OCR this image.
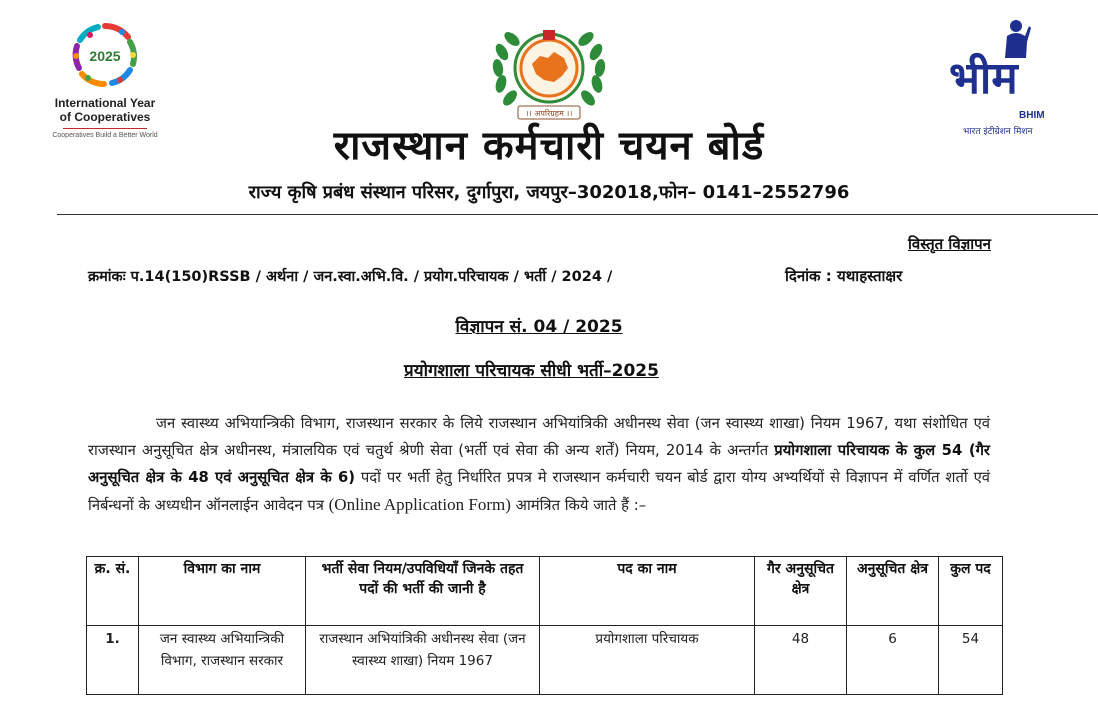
2025
International Year
of Cooperatives
Cooperatives Build a Better World
।। अपरिग्रहम ।।
भीम
BHIM
भारत इंटीग्रेशन मिशन
राजस्थान कर्मचारी चयन बोर्ड
राज्य कृषि प्रबंध संस्थान परिसर, दुर्गापुरा, जयपुर–302018,फोन– 0141–2552796
विस्तृत विज्ञापन
क्रमांकः प.14(150)RSSB / अर्थना / जन.स्वा.अभि.वि. / प्रयोग.परिचायक / भर्ती / 2024 /	दिनांक : यथाहस्ताक्षर
विज्ञापन सं. 04 / 2025
प्रयोगशाला परिचायक सीधी भर्ती–2025
जन स्वास्थ्य अभियान्त्रिकी विभाग, राजस्थान सरकार के लिये राजस्थान अभियांत्रिकी अधीनस्थ सेवा (जन स्वास्थ्य शाखा) नियम 1967, यथा संशोधित एवं राजस्थान अनुसूचित क्षेत्र अधीनस्थ, मंत्रालयिक एवं चतुर्थ श्रेणी सेवा (भर्ती एवं सेवा की अन्य शर्तें) नियम, 2014 के अन्तर्गत प्रयोगशाला परिचायक के कुल 54 (गैर अनुसूचित क्षेत्र के 48 एवं अनुसूचित क्षेत्र के 6) पदों पर भर्ती हेतु निर्धारित प्रपत्र मे राजस्थान कर्मचारी चयन बोर्ड द्वारा योग्य अभ्यर्थियों से विज्ञापन में वर्णित शर्तो एवं निर्बन्धनों के अध्यधीन ऑनलाईन आवेदन पत्र (Online Application Form) आमंत्रित किये जाते हैं :–
क्र. सं.	विभाग का नाम	भर्ती सेवा नियम/उपविधियाँ जिनके तहत पदों की भर्ती की जानी है	पद का नाम	गैर अनुसूचित क्षेत्र	अनुसूचित क्षेत्र	कुल पद
1.	जन स्वास्थ्य अभियान्त्रिकी विभाग, राजस्थान सरकार	राजस्थान अभियांत्रिकी अधीनस्थ सेवा (जन स्वास्थ्य शाखा) नियम 1967	प्रयोगशाला परिचायक	48	6	54
